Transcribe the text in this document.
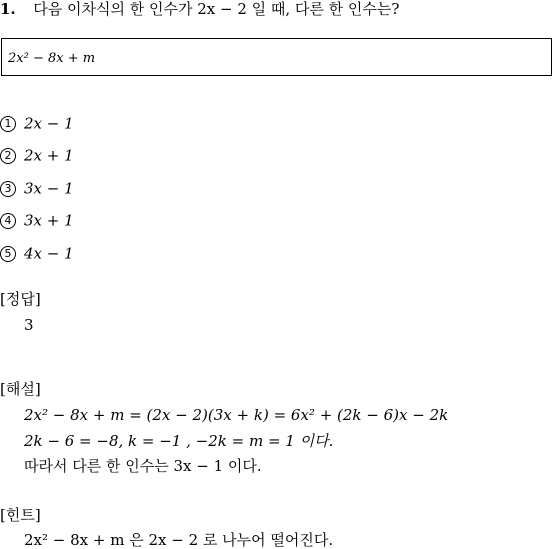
1. 다음 이차식의 한 인수가 2x − 2 일 때, 다른 한 인수는?
2x² − 8x + m
1 2x − 1
2 2x + 1
3 3x − 1
4 3x + 1
5 4x − 1
[정답]
3
[해설]
2x² − 8x + m = (2x − 2)(3x + k) = 6x² + (2k − 6)x − 2k
2k − 6 = −8, k = −1 , −2k = m = 1 이다.
따라서 다른 한 인수는 3x − 1 이다.
[힌트]
2x² − 8x + m 은 2x − 2 로 나누어 떨어진다.
